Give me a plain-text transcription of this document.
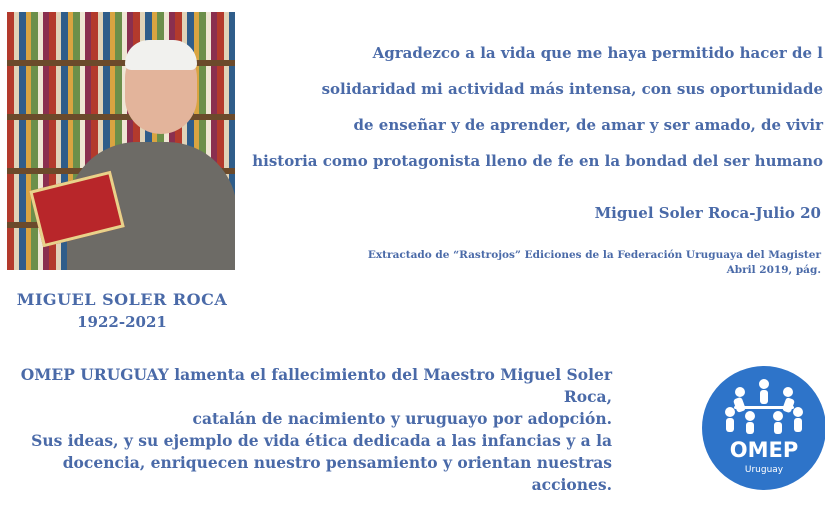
MIGUEL SOLER ROCA
1922-2021
Agradezco a la vida que me haya permitido hacer de l
solidaridad mi actividad más intensa, con sus oportunidade
de enseñar y de aprender, de amar y ser amado, de vivir
historia como protagonista lleno de fe en la bondad del ser humano
Miguel Soler Roca-Julio 20
Extractado de “Rastrojos” Ediciones de la Federación Uruguaya del Magister
Abril 2019, pág.
OMEP URUGUAY lamenta el fallecimiento del Maestro Miguel Soler Roca,
catalán de nacimiento y uruguayo por adopción.
Sus ideas, y su ejemplo de vida ética dedicada a las infancias y a la
docencia, enriquecen nuestro pensamiento y orientan nuestras acciones.
OMEP
Uruguay
